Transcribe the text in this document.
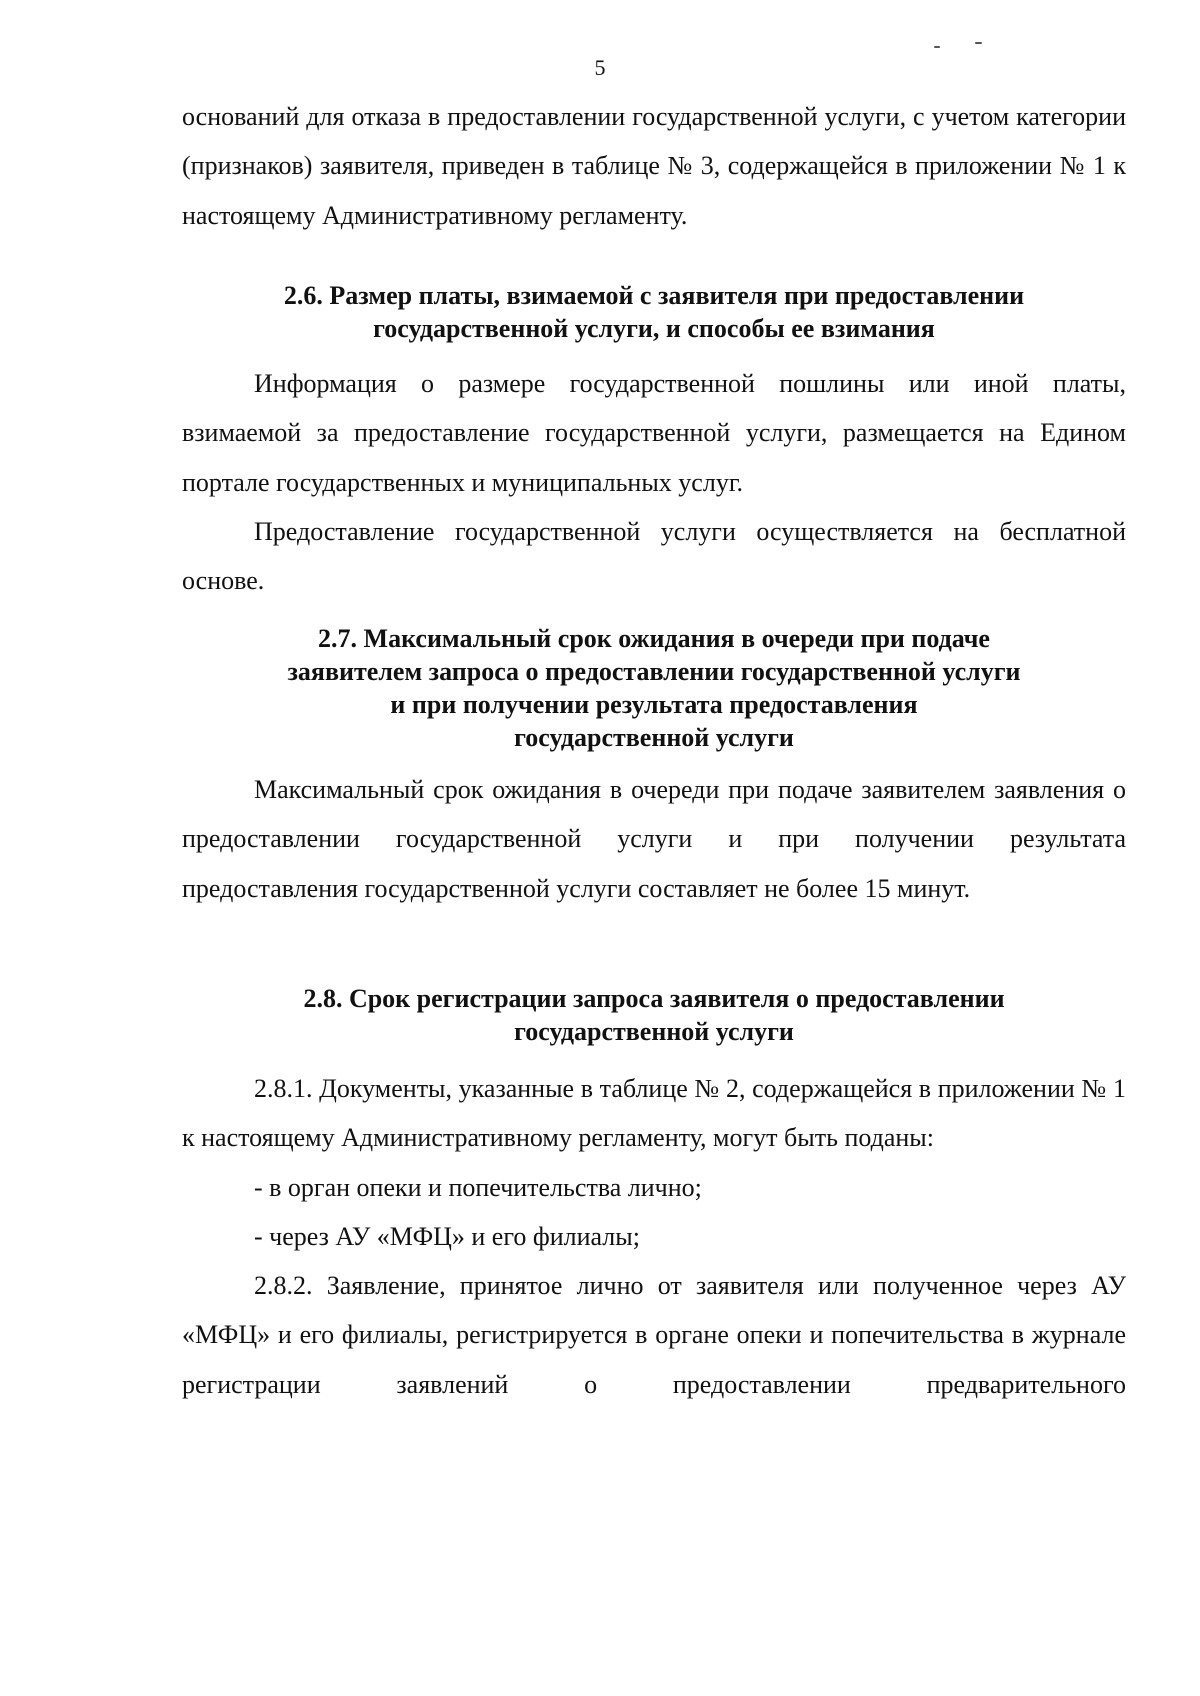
5

оснований для отказа в предоставлении государственной услуги, с учетом категории (признаков) заявителя, приведен в таблице № 3, содержащейся в приложении № 1 к настоящему Административному регламенту.

2.6. Размер платы, взимаемой с заявителя при предоставлении
государственной услуги, и способы ее взимания

Информация о размере государственной пошлины или иной платы, взимаемой за предоставление государственной услуги, размещается на Едином портале государственных и муниципальных услуг.

Предоставление государственной услуги осуществляется на бесплатной основе.

2.7. Максимальный срок ожидания в очереди при подаче
заявителем запроса о предоставлении государственной услуги
и при получении результата предоставления
государственной услуги

Максимальный срок ожидания в очереди при подаче заявителем заявления о предоставлении государственной услуги и при получении результата предоставления государственной услуги составляет не более 15 минут.

2.8. Срок регистрации запроса заявителя о предоставлении
государственной услуги

2.8.1. Документы, указанные в таблице № 2, содержащейся в приложении № 1 к настоящему Административному регламенту, могут быть поданы:

- в орган опеки и попечительства лично;

- через АУ «МФЦ» и его филиалы;

2.8.2. Заявление, принятое лично от заявителя или полученное через АУ «МФЦ» и его филиалы, регистрируется в органе опеки и попечительства в журнале регистрации заявлений о предоставлении предварительного
